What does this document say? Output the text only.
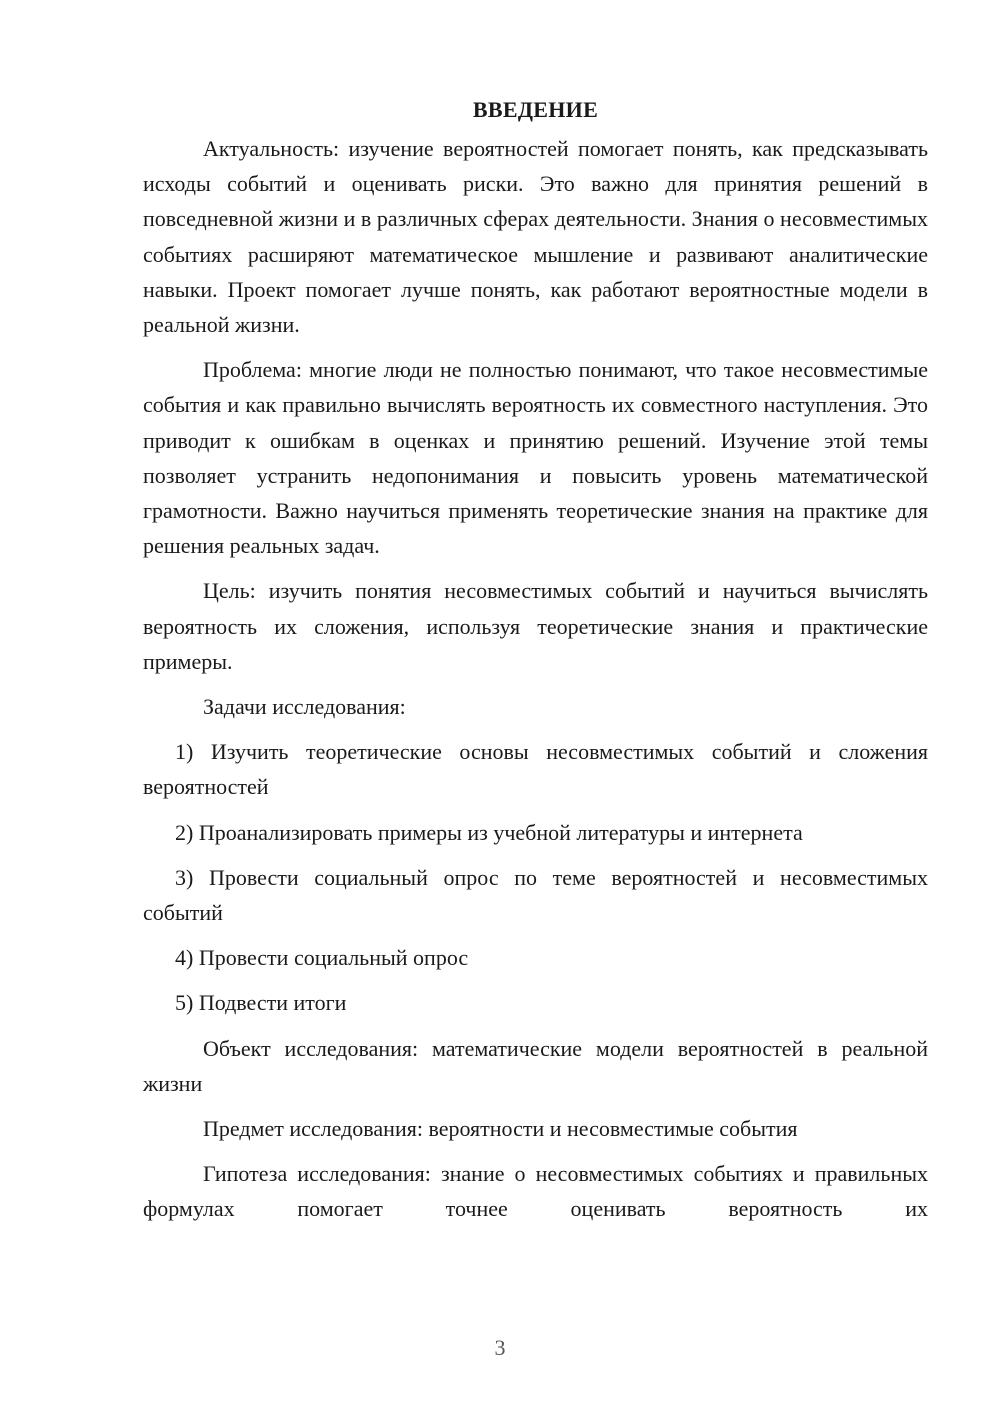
ВВЕДЕНИЕ

Актуальность: изучение вероятностей помогает понять, как предсказывать исходы событий и оценивать риски. Это важно для принятия решений в повседневной жизни и в различных сферах деятельности. Знания о несовместимых событиях расширяют математическое мышление и развивают аналитические навыки. Проект помогает лучше понять, как работают вероятностные модели в реальной жизни.

Проблема: многие люди не полностью понимают, что такое несовместимые события и как правильно вычислять вероятность их совместного наступления. Это приводит к ошибкам в оценках и принятию решений. Изучение этой темы позволяет устранить недопонимания и повысить уровень математической грамотности. Важно научиться применять теоретические знания на практике для решения реальных задач.

Цель: изучить понятия несовместимых событий и научиться вычислять вероятность их сложения, используя теоретические знания и практические примеры.

Задачи исследования:

1) Изучить теоретические основы несовместимых событий и сложения вероятностей

2) Проанализировать примеры из учебной литературы и интернета

3) Провести социальный опрос по теме вероятностей и несовместимых событий

4) Провести социальный опрос

5) Подвести итоги

Объект исследования: математические модели вероятностей в реальной жизни

Предмет исследования: вероятности и несовместимые события

Гипотеза исследования: знание о несовместимых событиях и правильных формулах помогает точнее оценивать вероятность их

3
